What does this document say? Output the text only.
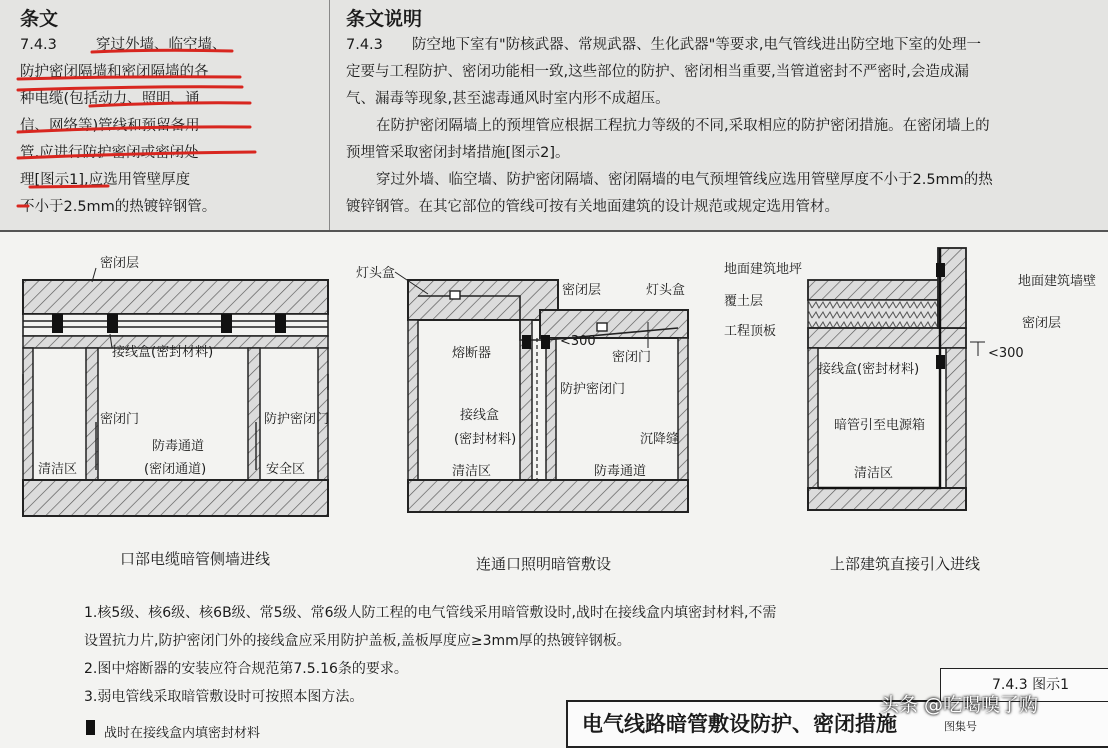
条文
7.4.3	穿过外墙、临空墙、
防护密闭隔墙和密闭隔墙的各
种电缆(包括动力、照明、通
信、网络等)管线和预留备用
管,应进行防护密闭或密闭处
理[图示1],应选用管壁厚度
不小于2.5mm的热镀锌钢管。
条文说明
7.4.3 防空地下室有"防核武器、常规武器、生化武器"等要求,电气管线进出防空地下室的处理一
定要与工程防护、密闭功能相一致,这些部位的防护、密闭相当重要,当管道密封不严密时,会造成漏
气、漏毒等现象,甚至滤毒通风时室内形不成超压。
在防护密闭隔墙上的预埋管应根据工程抗力等级的不同,采取相应的防护密闭措施。在密闭墙上的
预埋管采取密闭封堵措施[图示2]。
穿过外墙、临空墙、防护密闭隔墙、密闭隔墙的电气预埋管线应选用管壁厚度不小于2.5mm的热
镀锌钢管。在其它部位的管线可按有关地面建筑的设计规范或规定选用管材。
密闭层
接线盒(密封材料)
密闭门	防护密闭门
防毒通道
(密闭通道)
清洁区	安全区
口部电缆暗管侧墙进线
灯头盒
密闭层	灯头盒
熔断器
<300
密闭门
防护密闭门
接线盒
(密封材料)	沉降缝
清洁区	防毒通道
连通口照明暗管敷设
地面建筑地坪
覆土层
工程顶板
地面建筑墙壁
密闭层
接线盒(密封材料)
<300
暗管引至电源箱
清洁区
上部建筑直接引入进线
1.核5级、核6级、核6B级、常5级、常6级人防工程的电气管线采用暗管敷设时,战时在接线盒内填密封材料,不需
设置抗力片,防护密闭门外的接线盒应采用防护盖板,盖板厚度应≥3mm厚的热镀锌钢板。
2.图中熔断器的安装应符合规范第7.5.16条的要求。
3.弱电管线采取暗管敷设时可按照本图方法。
战时在接线盒内填密封材料
7.4.3 图示1
电气线路暗管敷设防护、密闭措施	图集号
头条 @吃喝嗅了购
